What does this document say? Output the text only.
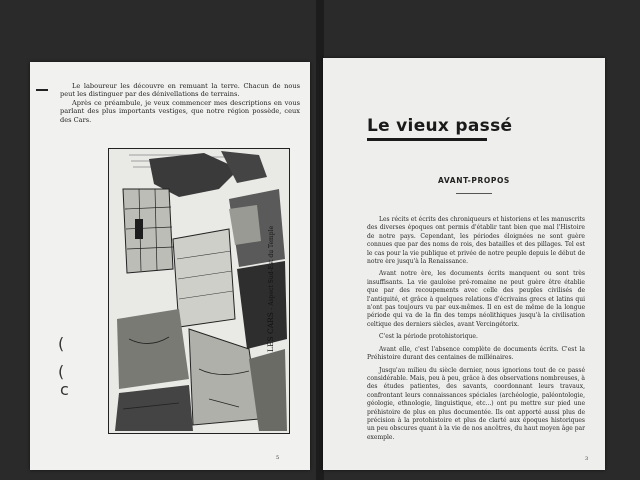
Le laboureur les découvre en remuant la terre. Chacun de nous peut les distinguer par des dénivellations de terrains.

Après ce préambule, je veux commencer mes descriptions en vous parlant des plus importants vestiges, que notre région possède, ceux des Cars.

LES CARS - Aspect Sud-Est du Temple
(
(
c
5
Le vieux passé
AVANT-PROPOS

Les récits et écrits des chroniqueurs et historiens et les manuscrits des diverses époques ont permis d'établir tant bien que mal l'Histoire de notre pays. Cependant, les périodes éloignées ne sont guère connues que par des noms de rois, des batailles et des pillages. Tel est le cas pour la vie publique et privée de notre peuple depuis le début de notre ère jusqu'à la Renaissance.

Avant notre ère, les documents écrits manquent ou sont très insuffisants. La vie gauloise pré-romaine ne peut guère être établie que par des recoupements avec celle des peuples civilisés de l'antiquité, et grâce à quelques relations d'écrivains grecs et latins qui n'ont pas toujours vu par eux-mêmes. Il en est de même de la longue période qui va de la fin des temps néolithiques jusqu'à la civilisation celtique des derniers siècles, avant Vercingétorix.

C'est la période protohistorique.

Avant elle, c'est l'absence complète de documents écrits. C'est la Préhistoire durant des centaines de millénaires.

Jusqu'au milieu du siècle dernier, nous ignorions tout de ce passé considérable. Mais, peu à peu, grâce à des observations nombreuses, à des études patientes, des savants, coordonnant leurs travaux, confrontant leurs connaissances spéciales (archéologie, paléontologie, géologie, ethnologie, linguistique, etc...) ont pu mettre sur pied une préhistoire de plus en plus documentée. Ils ont apporté aussi plus de précision à la protohistoire et plus de clarté aux époques historiques un peu obscures quant à la vie de nos ancêtres, du haut moyen âge par exemple.

3
